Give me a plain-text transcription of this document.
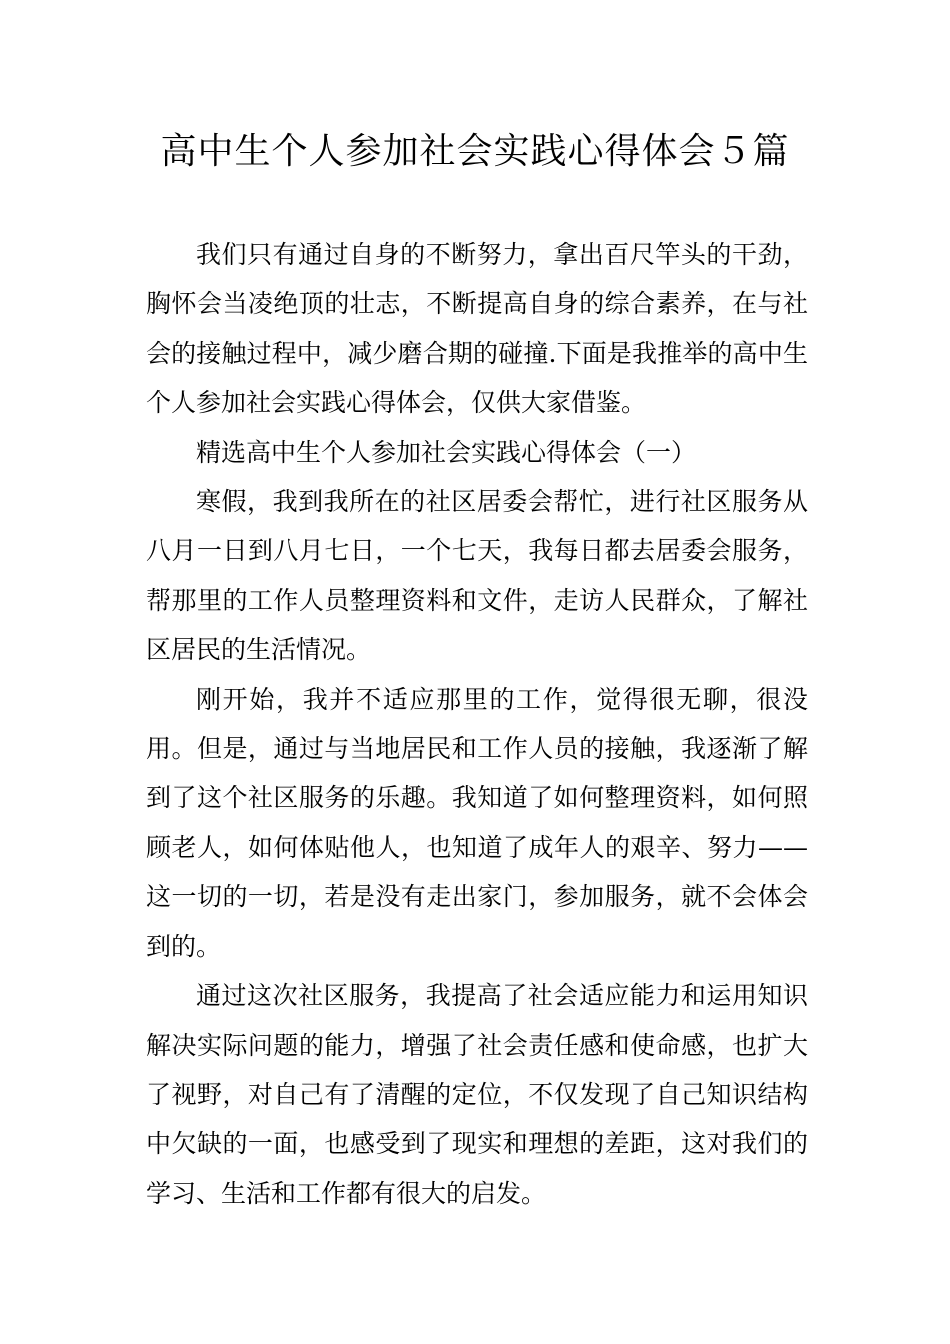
高中生个人参加社会实践心得体会５篇

我们只有通过自身的不断努力，拿出百尺竿头的干劲，胸怀会当凌绝顶的壮志，不断提高自身的综合素养，在与社会的接触过程中，减少磨合期的碰撞.下面是我推举的高中生个人参加社会实践心得体会，仅供大家借鉴。

精选高中生个人参加社会实践心得体会（一）

寒假，我到我所在的社区居委会帮忙，进行社区服务从八月一日到八月七日，一个七天，我每日都去居委会服务，帮那里的工作人员整理资料和文件，走访人民群众，了解社区居民的生活情况。

刚开始，我并不适应那里的工作，觉得很无聊，很没用。但是，通过与当地居民和工作人员的接触，我逐渐了解到了这个社区服务的乐趣。我知道了如何整理资料，如何照顾老人，如何体贴他人，也知道了成年人的艰辛、努力——这一切的一切，若是没有走出家门，参加服务，就不会体会到的。

通过这次社区服务，我提高了社会适应能力和运用知识解决实际问题的能力，增强了社会责任感和使命感，也扩大了视野，对自己有了清醒的定位，不仅发现了自己知识结构中欠缺的一面，也感受到了现实和理想的差距，这对我们的学习、生活和工作都有很大的启发。
